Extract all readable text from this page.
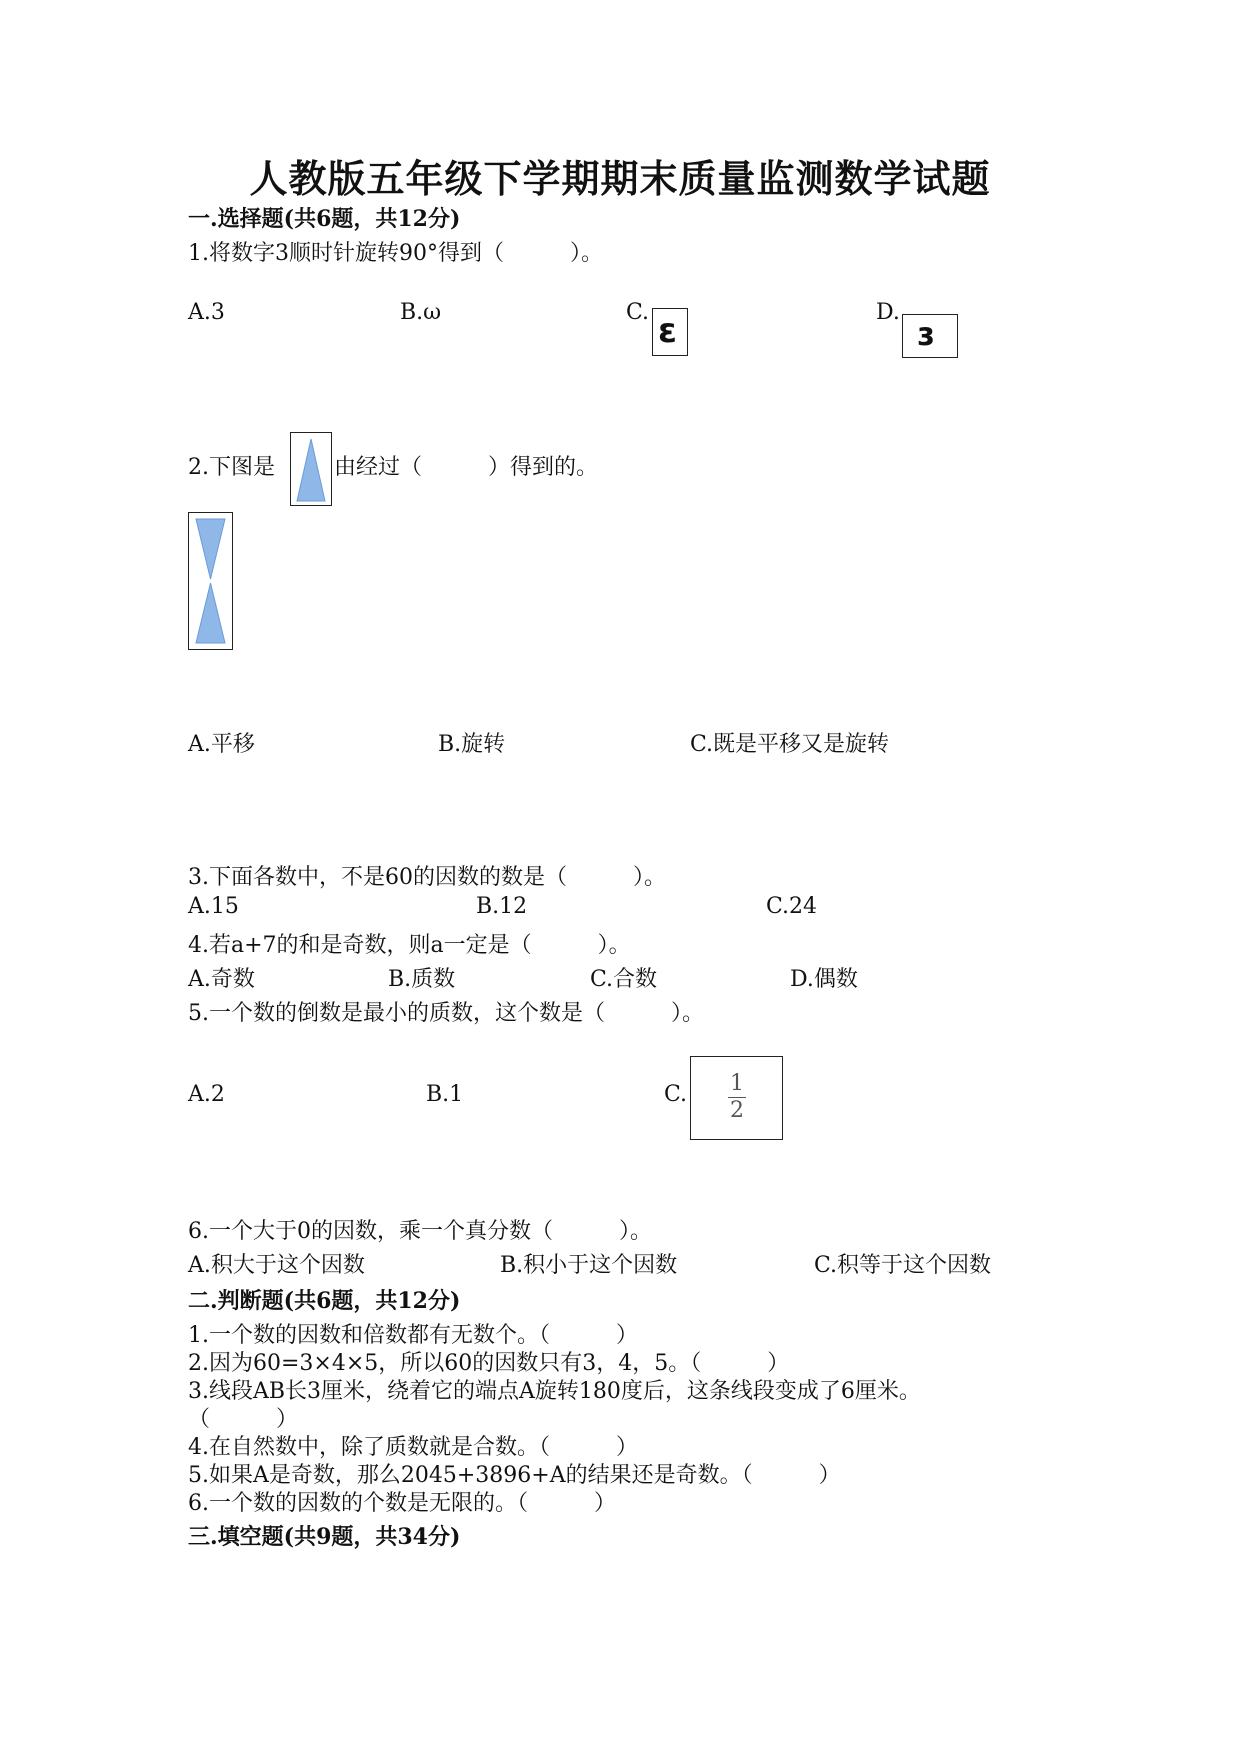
人教版五年级下学期期末质量监测数学试题
一.选择题(共6题，共12分)
1.将数字3顺时针旋转90°得到（　　　）。
A.3	B.ω	C. ε	D.
ɜ
2.下图是	由经过（　　　）得到的。
A.平移	B.旋转	C.既是平移又是旋转
3.下面各数中，不是60的因数的数是（　　　）。
A.15	B.12	C.24
4.若a+7的和是奇数，则a一定是（　　　）。
A.奇数	B.质数	C.合数	D.偶数
5.一个数的倒数是最小的质数，这个数是（　　　）。
A.2	B.1	C. 1
2
6.一个大于0的因数，乘一个真分数（　　　）。
A.积大于这个因数	B.积小于这个因数	C.积等于这个因数
二.判断题(共6题，共12分)
1.一个数的因数和倍数都有无数个。（　　　）
2.因为60=3×4×5，所以60的因数只有3，4，5。（　　　）
3.线段AB长3厘米，绕着它的端点A旋转180度后，这条线段变成了6厘米。
（　　　）
4.在自然数中，除了质数就是合数。（　　　）
5.如果A是奇数，那么2045+3896+A的结果还是奇数。（　　　）
6.一个数的因数的个数是无限的。（　　　）
三.填空题(共9题，共34分)
